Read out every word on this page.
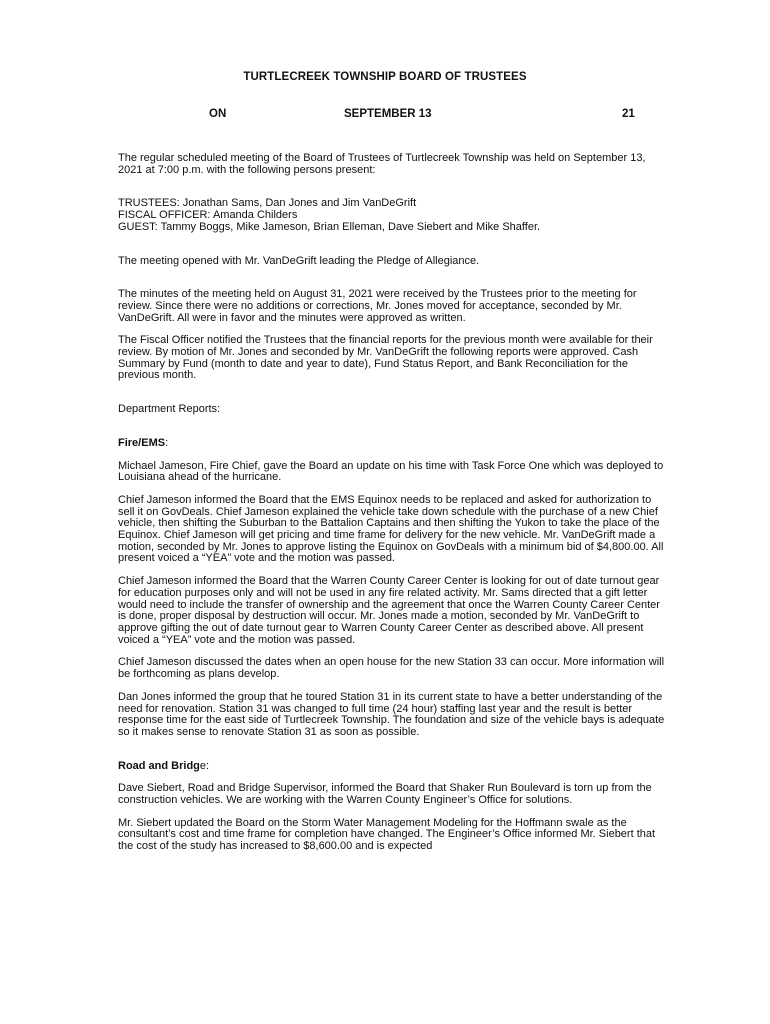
TURTLECREEK TOWNSHIP BOARD OF TRUSTEES
ON	SEPTEMBER 13	21

The regular scheduled meeting of the Board of Trustees of Turtlecreek Township was held on September 13, 2021 at 7:00 p.m. with the following persons present:

TRUSTEES: Jonathan Sams, Dan Jones and Jim VanDeGrift

FISCAL OFFICER: Amanda Childers

GUEST: Tammy Boggs, Mike Jameson, Brian Elleman, Dave Siebert and Mike Shaffer.

The meeting opened with Mr. VanDeGrift leading the Pledge of Allegiance.

The minutes of the meeting held on August 31, 2021 were received by the Trustees prior to the meeting for review. Since there were no additions or corrections, Mr. Jones moved for acceptance, seconded by Mr. VanDeGrift. All were in favor and the minutes were approved as written.

The Fiscal Officer notified the Trustees that the financial reports for the previous month were available for their review. By motion of Mr. Jones and seconded by Mr. VanDeGrift the following reports were approved. Cash Summary by Fund (month to date and year to date), Fund Status Report, and Bank Reconciliation for the previous month.

Department Reports:

Fire/EMS:

Michael Jameson, Fire Chief, gave the Board an update on his time with Task Force One which was deployed to Louisiana ahead of the hurricane.

Chief Jameson informed the Board that the EMS Equinox needs to be replaced and asked for authorization to sell it on GovDeals. Chief Jameson explained the vehicle take down schedule with the purchase of a new Chief vehicle, then shifting the Suburban to the Battalion Captains and then shifting the Yukon to take the place of the Equinox. Chief Jameson will get pricing and time frame for delivery for the new vehicle. Mr. VanDeGrift made a motion, seconded by Mr. Jones to approve listing the Equinox on GovDeals with a minimum bid of $4,800.00. All present voiced a “YEA” vote and the motion was passed.

Chief Jameson informed the Board that the Warren County Career Center is looking for out of date turnout gear for education purposes only and will not be used in any fire related activity. Mr. Sams directed that a gift letter would need to include the transfer of ownership and the agreement that once the Warren County Career Center is done, proper disposal by destruction will occur. Mr. Jones made a motion, seconded by Mr. VanDeGrift to approve gifting the out of date turnout gear to Warren County Career Center as described above. All present voiced a “YEA” vote and the motion was passed.

Chief Jameson discussed the dates when an open house for the new Station 33 can occur. More information will be forthcoming as plans develop.

Dan Jones informed the group that he toured Station 31 in its current state to have a better understanding of the need for renovation. Station 31 was changed to full time (24 hour) staffing last year and the result is better response time for the east side of Turtlecreek Township. The foundation and size of the vehicle bays is adequate so it makes sense to renovate Station 31 as soon as possible.

Road and Bridge:

Dave Siebert, Road and Bridge Supervisor, informed the Board that Shaker Run Boulevard is torn up from the construction vehicles. We are working with the Warren County Engineer’s Office for solutions.

Mr. Siebert updated the Board on the Storm Water Management Modeling for the Hoffmann swale as the consultant’s cost and time frame for completion have changed. The Engineer’s Office informed Mr. Siebert that the cost of the study has increased to $8,600.00 and is expected
